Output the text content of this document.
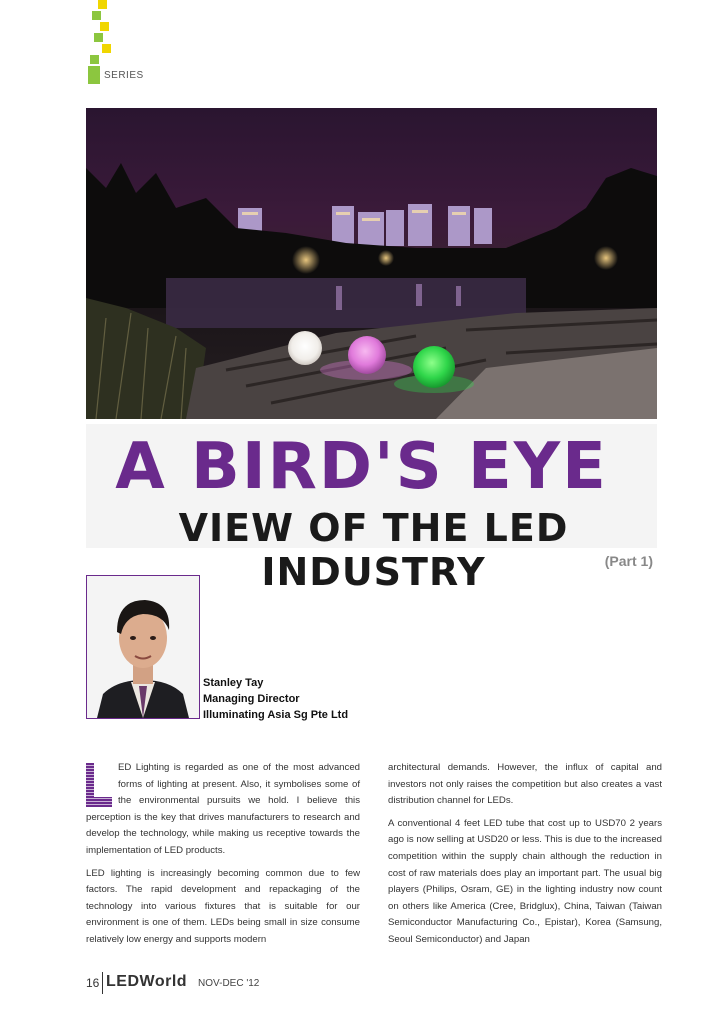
SERIES
A BIRD'S EYE
VIEW OF THE LED INDUSTRY	(Part 1)
Stanley Tay
Managing Director
Illuminating Asia Sg Pte Ltd

ED Lighting is regarded as one of the most advanced forms of lighting at present. Also, it symbolises some of the environmental pursuits we hold. I believe this perception is the key that drives manufacturers to research and develop the technology, while making us receptive towards the implementation of LED products.

LED lighting is increasingly becoming common due to few factors. The rapid development and repackaging of the technology into various fixtures that is suitable for our environment is one of them. LEDs being small in size consume relatively low energy and supports modern

architectural demands. However, the influx of capital and investors not only raises the competition but also creates a vast distribution channel for LEDs.

A conventional 4 feet LED tube that cost up to USD70 2 years ago is now selling at USD20 or less. This is due to the increased competition within the supply chain although the reduction in cost of raw materials does play an important part. The usual big players (Philips, Osram, GE) in the lighting industry now count on others like America (Cree, Bridglux), China, Taiwan (Taiwan Semiconductor Manufacturing Co., Epistar), Korea (Samsung, Seoul Semiconductor) and Japan

16 LEDWorld NOV-DEC '12
